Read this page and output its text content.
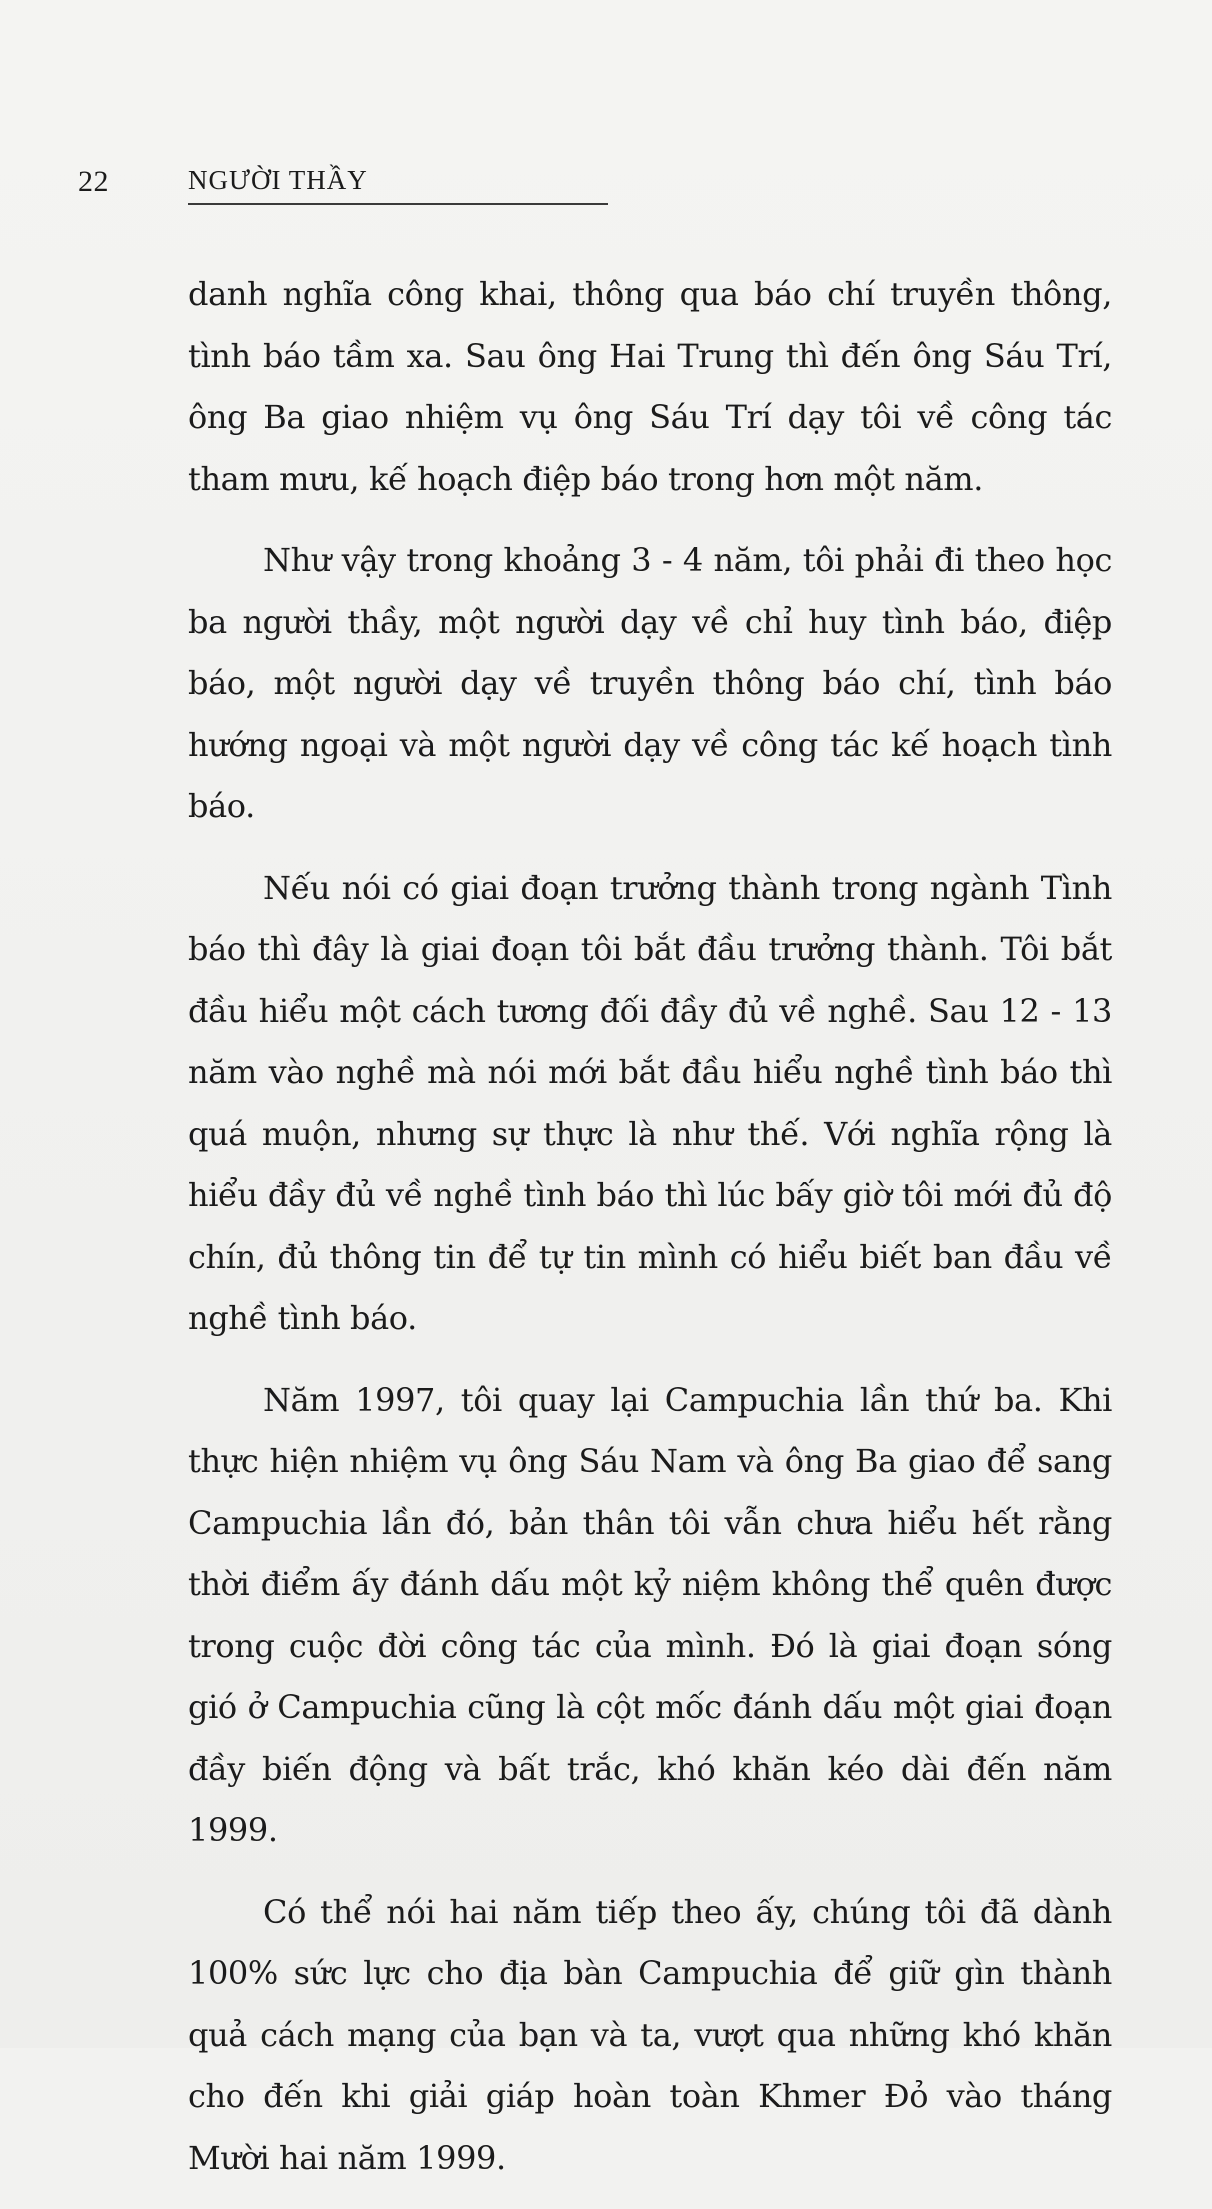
22	NGƯỜI THẦY

danh nghĩa công khai, thông qua báo chí truyền thông, tình báo tầm xa. Sau ông Hai Trung thì đến ông Sáu Trí, ông Ba giao nhiệm vụ ông Sáu Trí dạy tôi về công tác tham mưu, kế hoạch điệp báo trong hơn một năm.

Như vậy trong khoảng 3 - 4 năm, tôi phải đi theo học ba người thầy, một người dạy về chỉ huy tình báo, điệp báo, một người dạy về truyền thông báo chí, tình báo hướng ngoại và một người dạy về công tác kế hoạch tình báo.

Nếu nói có giai đoạn trưởng thành trong ngành Tình báo thì đây là giai đoạn tôi bắt đầu trưởng thành. Tôi bắt đầu hiểu một cách tương đối đầy đủ về nghề. Sau 12 - 13 năm vào nghề mà nói mới bắt đầu hiểu nghề tình báo thì quá muộn, nhưng sự thực là như thế. Với nghĩa rộng là hiểu đầy đủ về nghề tình báo thì lúc bấy giờ tôi mới đủ độ chín, đủ thông tin để tự tin mình có hiểu biết ban đầu về nghề tình báo.

Năm 1997, tôi quay lại Campuchia lần thứ ba. Khi thực hiện nhiệm vụ ông Sáu Nam và ông Ba giao để sang Campuchia lần đó, bản thân tôi vẫn chưa hiểu hết rằng thời điểm ấy đánh dấu một kỷ niệm không thể quên được trong cuộc đời công tác của mình. Đó là giai đoạn sóng gió ở Campuchia cũng là cột mốc đánh dấu một giai đoạn đầy biến động và bất trắc, khó khăn kéo dài đến năm 1999.

Có thể nói hai năm tiếp theo ấy, chúng tôi đã dành 100% sức lực cho địa bàn Campuchia để giữ gìn thành quả cách mạng của bạn và ta, vượt qua những khó khăn cho đến khi giải giáp hoàn toàn Khmer Đỏ vào tháng Mười hai năm 1999.
